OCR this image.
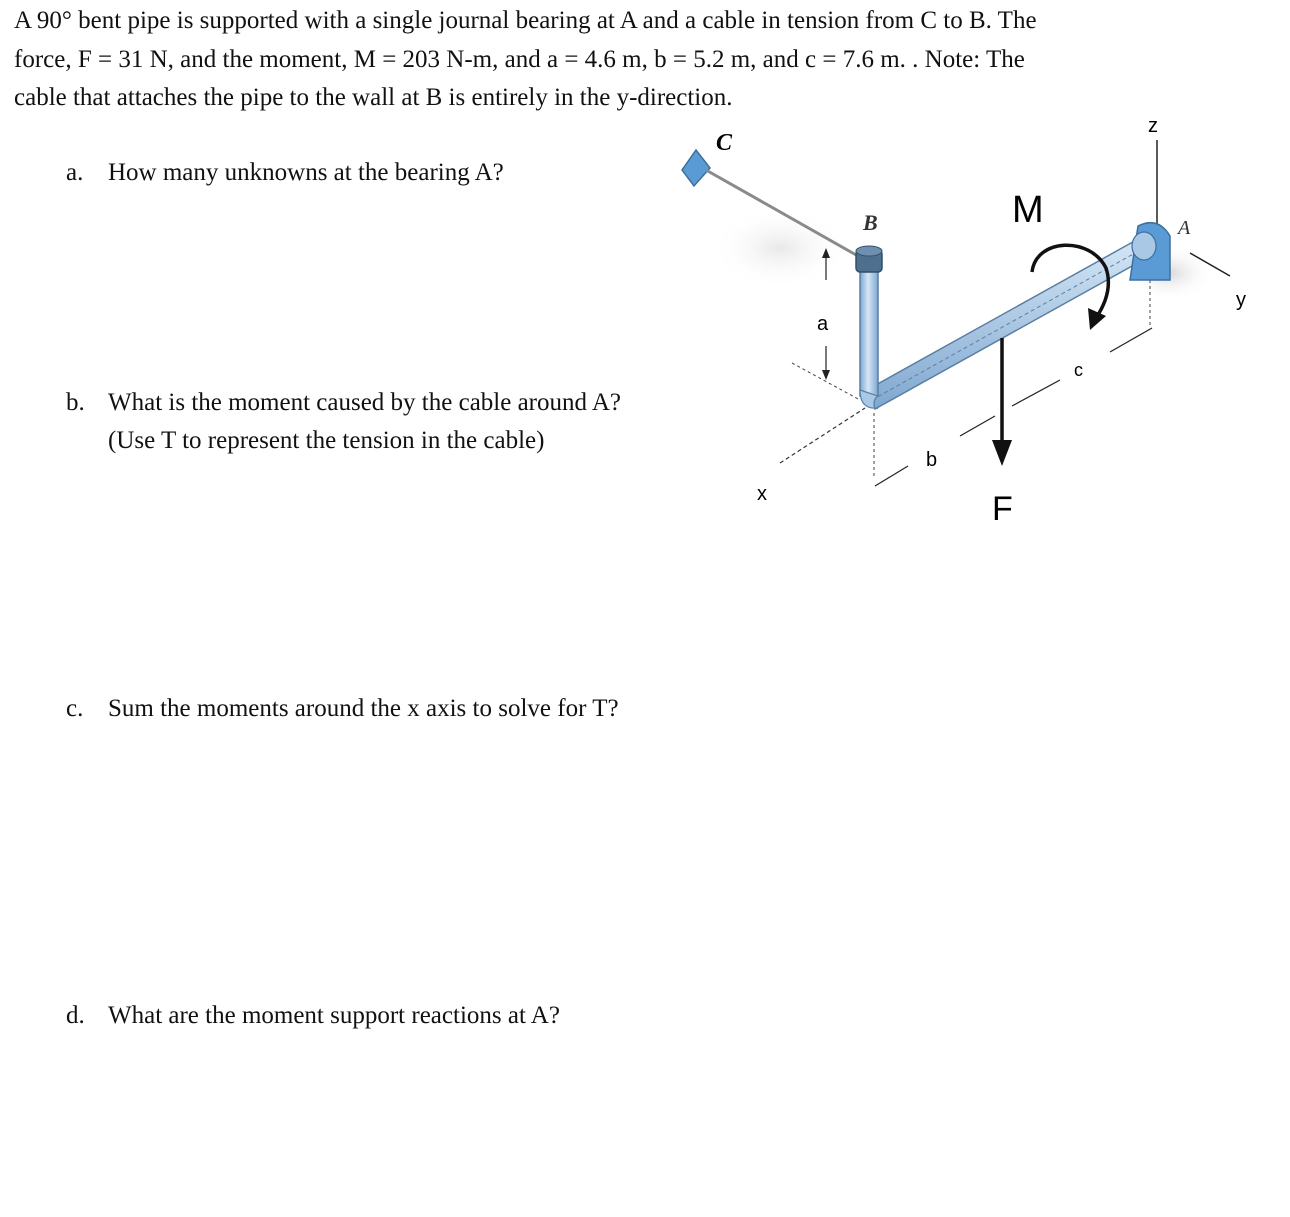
A 90° bent pipe is supported with a single journal bearing at A and a cable in tension from C to B. The

force, F = 31 N, and the moment, M = 203 N-m, and a = 4.6 m, b = 5.2 m, and c = 7.6 m. . Note: The

cable that attaches the pipe to the wall at B is entirely in the y-direction.

a. How many unknowns at the bearing A?
b. What is the moment caused by the cable around A?
(Use T to represent the tension in the cable)
c. Sum the moments around the x axis to solve for T?
d. What are the moment support reactions at A?
C
B	A
M
F
a
b
c
x
y
z
